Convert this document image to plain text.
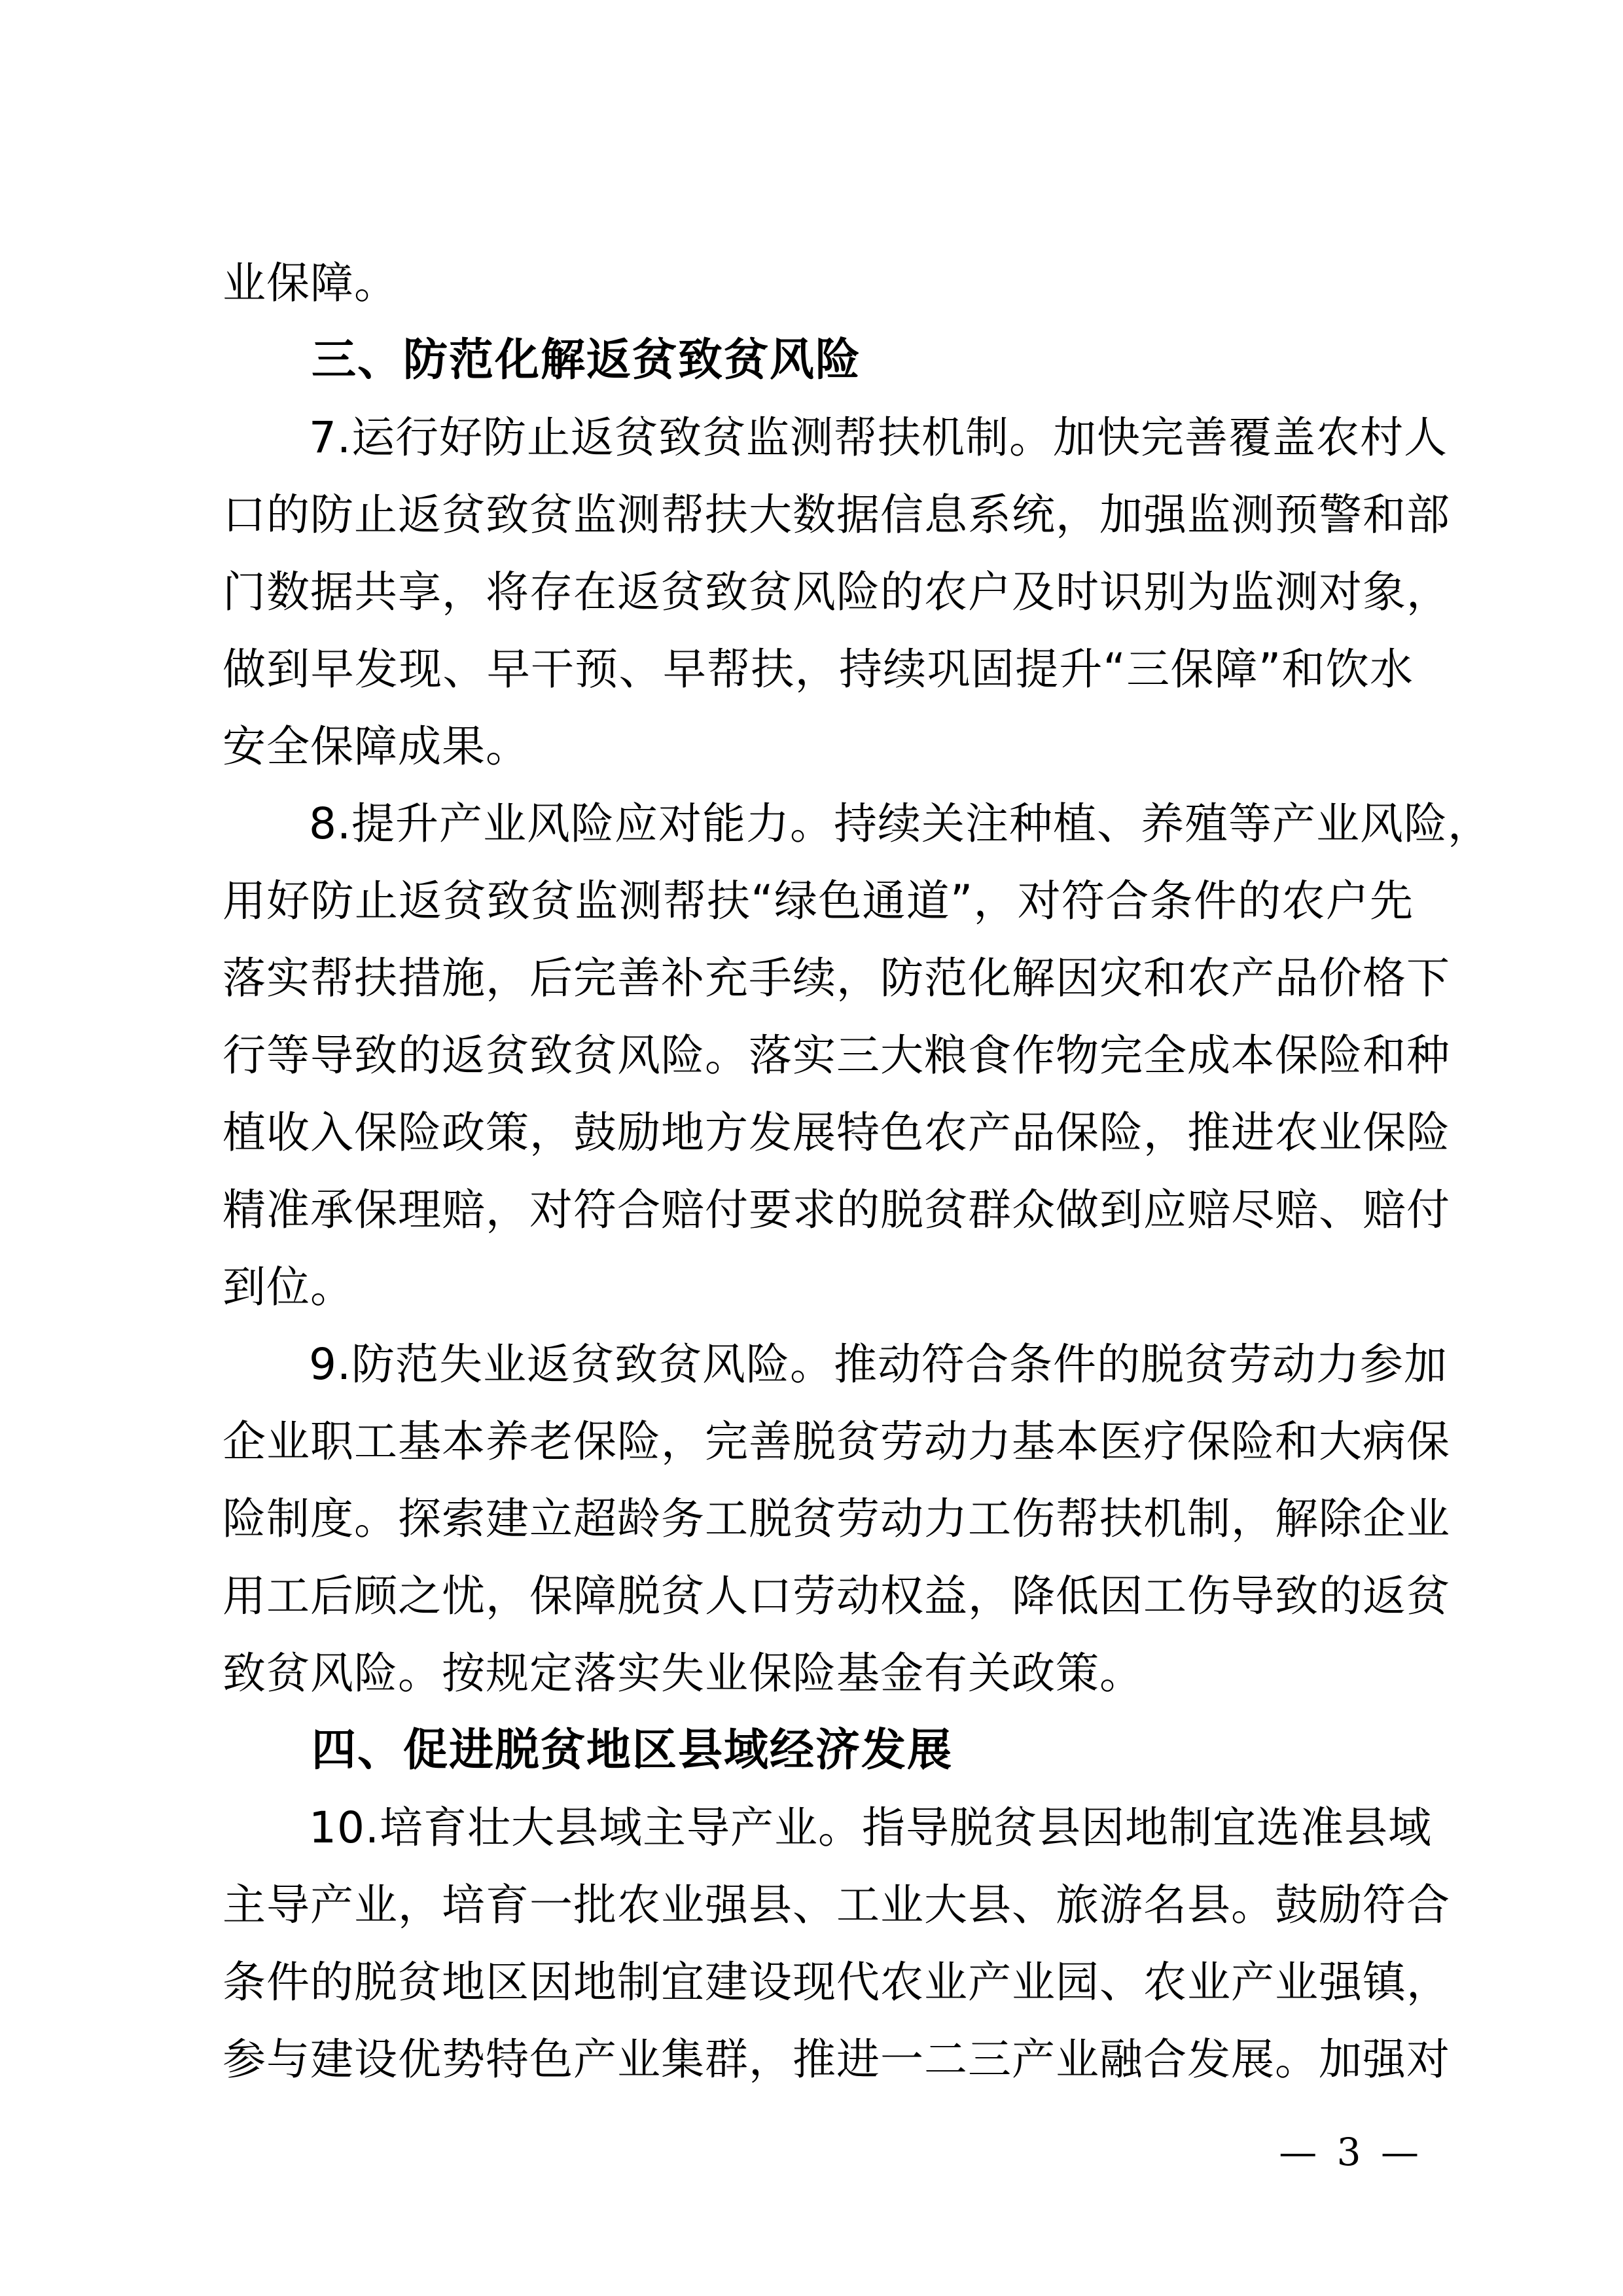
业保障。
三、防范化解返贫致贫风险
7.运行好防止返贫致贫监测帮扶机制。加快完善覆盖农村人
口的防止返贫致贫监测帮扶大数据信息系统，加强监测预警和部
门数据共享，将存在返贫致贫风险的农户及时识别为监测对象，
做到早发现、早干预、早帮扶，持续巩固提升“三保障”和饮水
安全保障成果。
8.提升产业风险应对能力。持续关注种植、养殖等产业风险，
用好防止返贫致贫监测帮扶“绿色通道”，对符合条件的农户先
落实帮扶措施，后完善补充手续，防范化解因灾和农产品价格下
行等导致的返贫致贫风险。落实三大粮食作物完全成本保险和种
植收入保险政策，鼓励地方发展特色农产品保险，推进农业保险
精准承保理赔，对符合赔付要求的脱贫群众做到应赔尽赔、赔付
到位。
9.防范失业返贫致贫风险。推动符合条件的脱贫劳动力参加
企业职工基本养老保险，完善脱贫劳动力基本医疗保险和大病保
险制度。探索建立超龄务工脱贫劳动力工伤帮扶机制，解除企业
用工后顾之忧，保障脱贫人口劳动权益，降低因工伤导致的返贫
致贫风险。按规定落实失业保险基金有关政策。
四、促进脱贫地区县域经济发展
10.培育壮大县域主导产业。指导脱贫县因地制宜选准县域
主导产业，培育一批农业强县、工业大县、旅游名县。鼓励符合
条件的脱贫地区因地制宜建设现代农业产业园、农业产业强镇，
参与建设优势特色产业集群，推进一二三产业融合发展。加强对
— 3 —
